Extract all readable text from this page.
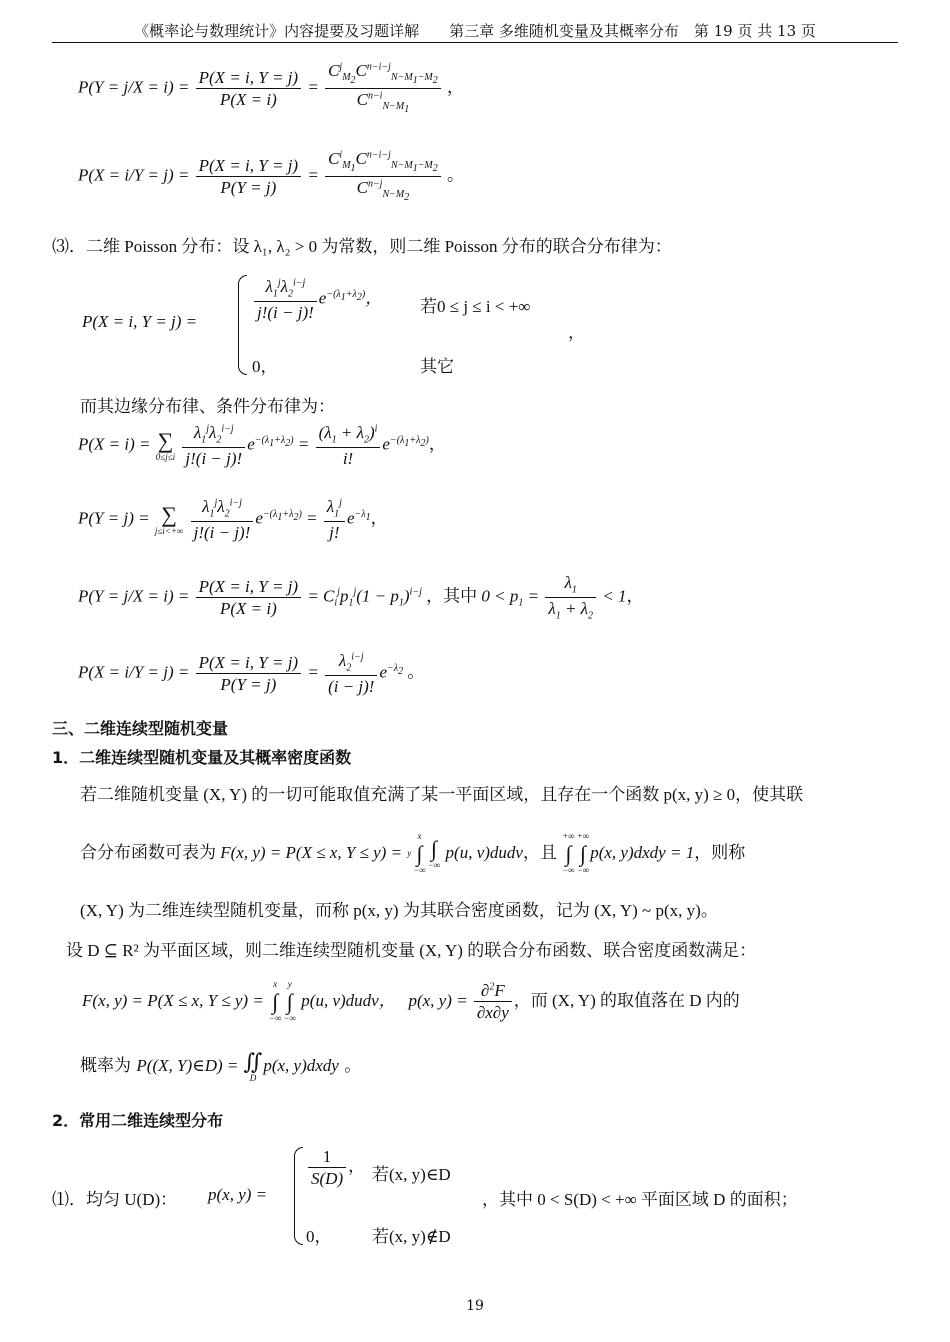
《概率论与数理统计》内容提要及习题详解　　第三章 多维随机变量及其概率分布　第 19 页 共 13 页
$P(Y = j/X = i) = \frac{P(X = i, Y = j)}{P(X = i)} = \frac{C^j_{M_2}C^{n-i-j}_{N-M_1-M_2}}{C^{n-i}_{N-M_1}}$ ，
$P(X = i/Y = j) = \frac{P(X = i, Y = j)}{P(Y = j)} = \frac{C^i_{M_1}C^{n-i-j}_{N-M_1-M_2}}{C^{n-j}_{N-M_2}}$ 。
⑶．二维 Poisson 分布：设 λ₁, λ₂ > 0 为常数，则二维 Poisson 分布的联合分布律为：
P(X = i, Y = j) =	$\frac{\lambda_1^j\lambda_2^{i-j}}{j!(i - j)!} e^{-(\lambda_1+\lambda_2)}$， 若0 ≤ j ≤ i < +∞
，
0，	其它
而其边缘分布律、条件分布律为：
P(X = i) = ∑
$0\le j\le i \frac{\lambda_1^j\lambda_2^{i-j}}{j!(i - j)!} e^{-(\lambda_1+\lambda_2)} = \frac{(\lambda_1 + \lambda_2)^i}{i!} e^{-(\lambda_1+\lambda_2)}$，
P(Y = j) = ∑
$j\le i<+\infty \frac{\lambda_1^j\lambda_2^{i-j}}{j!(i - j)!} e^{-(\lambda_1+\lambda_2)} = \frac{\lambda_1^j}{j!} e^{-\lambda_1}$，
$P(Y = j/X = i) = \frac{P(X = i, Y = j)}{P(X = i)} = C_i^jp_1^j(1 - p_1)^{i-j}$ ，其中 $0 < p_1 = \frac{\lambda_1}{\lambda_1 + \lambda_2} < 1$，
$P(X = i/Y = j) = \frac{P(X = i, Y = j)}{P(Y = j)} = \frac{\lambda_2^{i-j}}{(i - j)!} e^{-\lambda_2}$ 。
三、二维连续型随机变量
1．二维连续型随机变量及其概率密度函数
若二维随机变量 (X, Y) 的一切可能取值充满了某一平面区域，且存在一个函数 p(x, y) ≥ 0，使其联
合分布函数可表为 F(x, y) = P(X ≤ x, Y ≤ y) = yx
∫
−∞
∫
−∞ p(u, v)dudv，且 +∞
∫
−∞+∞
∫
−∞p(x, y)dxdy = 1，则称
(X, Y) 为二维连续型随机变量，而称 p(x, y) 为其联合密度函数，记为 (X, Y) ~ p(x, y)。
设 D ⊆ R² 为平面区域，则二维连续型随机变量 (X, Y) 的联合分布函数、联合密度函数满足：
F(x, y) = P(X ≤ x, Y ≤ y) = x
∫
−∞y
∫
−∞ p(u, v)dudv，   p(x, $y) = \frac{\partial^2F}{\partial x\partial y}$ ，而 (X, Y) 的取值落在 D 内的
概率为 P((X, Y)∈D) = ∬
Dp(x, y)dxdy 。
2．常用二维连续型分布
⑴．均匀 U(D)： p(x, y) =
$\frac{1}{S(D)}$ ， 若(x, y)∈D
0， 若(x, y)∉D
，其中 0 < S(D) < +∞ 平面区域 D 的面积；
19
